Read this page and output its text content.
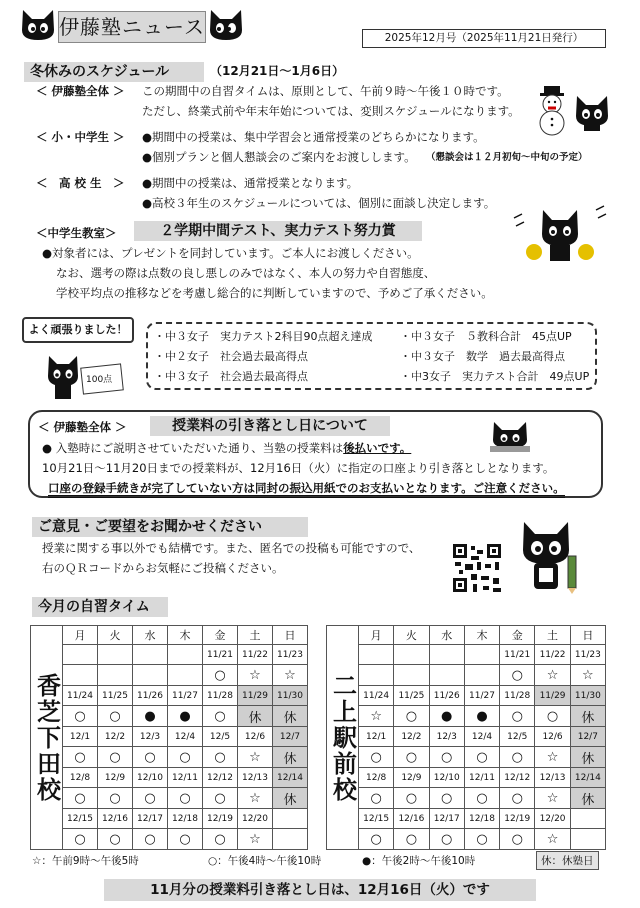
伊藤塾ニュース	2025年12月号（2025年11月21日発行）
冬休みのスケジュール	（12月21日～1月6日）
＜ 伊藤塾全体 ＞ この期間中の自習タイムは、原則として、午前９時～午後１０時です。
ただし、終業式前や年末年始については、変則スケジュールになります。
＜ 小・中学生 ＞ ●期間中の授業は、集中学習会と通常授業のどちらかになります。
●個別プランと個人懇談会のご案内をお渡しします。 （懇談会は１２月初旬～中旬の予定）
＜　高 校 生　＞ ●期間中の授業は、通常授業となります。
●高校３年生のスケジュールについては、個別に面談し決定します。
＜中学生教室＞	２学期中間テスト、実力テスト努力賞
●対象者には、プレゼントを同封しています。ご本人にお渡しください。
なお、選考の際は点数の良し悪しのみではなく、本人の努力や自習態度、
学校平均点の推移などを考慮し総合的に判断していますので、予めご了承ください。
よく頑張りました！
100点
・中３女子　実力テスト2科目90点超え達成 ・中３女子　５教科合計　45点UP
・中２女子　社会過去最高得点	・中３女子　数学　過去最高得点
・中３女子　社会過去最高得点	・中3女子　実力テスト合計　49点UP
＜ 伊藤塾全体 ＞	授業料の引き落とし日について
● 入塾時にご説明させていただいた通り、当塾の授業料は後払いです。
10月21日～11月20日までの授業料が、12月16日（火）に指定の口座より引き落としとなります。
口座の登録手続きが完了していない方は同封の振込用紙でのお支払いとなります。ご注意ください。
ご意見・ご要望をお聞かせください
授業に関する事以外でも結構です。また、匿名での投稿も可能ですので、
右のＱＲコードからお気軽にご投稿ください。
今月の自習タイム
香芝下田校	月	火	水	木	金	土	日
					11/21	11/22	11/23
					○	☆	☆
	11/24	11/25	11/26	11/27	11/28	11/29	11/30
	○	○	●	●	○	休	休
	12/1	12/2	12/3	12/4	12/5	12/6	12/7
	○	○	○	○	○	☆	休
	12/8	12/9	12/10	12/11	12/12	12/13	12/14
	○	○	○	○	○	☆	休
	12/15	12/16	12/17	12/18	12/19	12/20	
	○	○	○	○	○	☆	
二上駅前校	月	火	水	木	金	土	日
					11/21	11/22	11/23
					○	☆	☆
	11/24	11/25	11/26	11/27	11/28	11/29	11/30
	☆	○	●	●	○	○	休
	12/1	12/2	12/3	12/4	12/5	12/6	12/7
	○	○	○	○	○	☆	休
	12/8	12/9	12/10	12/11	12/12	12/13	12/14
	○	○	○	○	○	☆	休
	12/15	12/16	12/17	12/18	12/19	12/20	
	○	○	○	○	○	☆	
☆：午前9時～午後5時	○：午後4時～午後10時	●：午後2時～午後10時	休：休塾日
11月分の授業料引き落とし日は、12月16日（火）です
